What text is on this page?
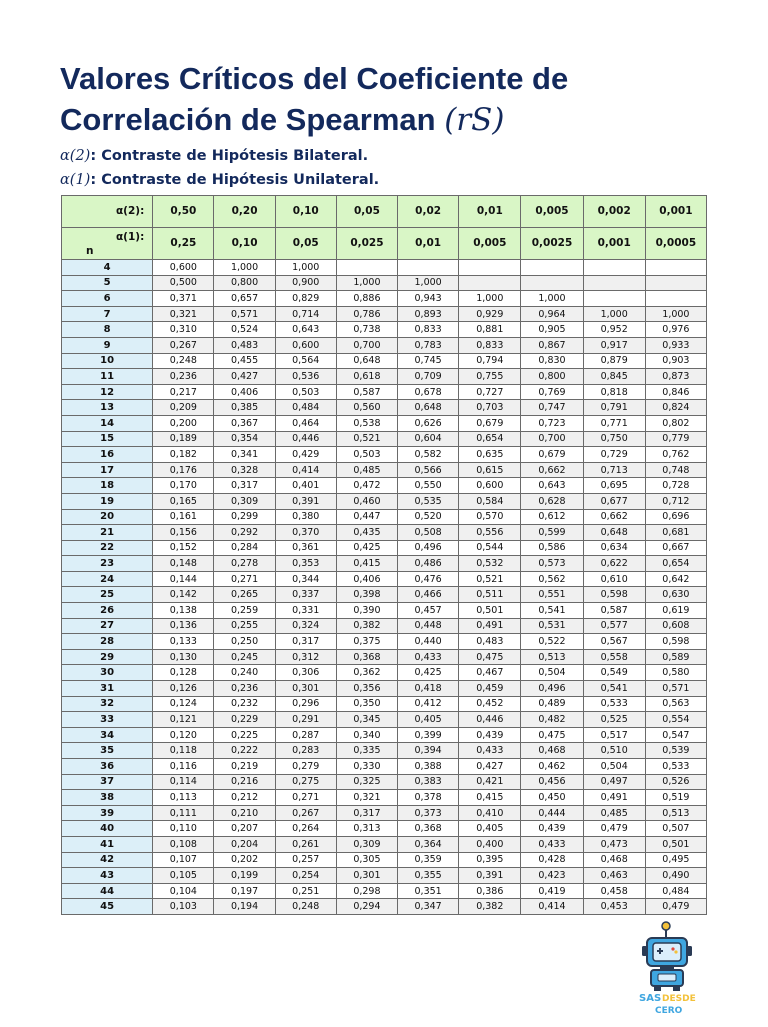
Valores Críticos del Coeficiente de
Correlación de Spearman (rS)
α(2): Contraste de Hipótesis Bilateral.
α(1): Contraste de Hipótesis Unilateral.
α(2):	0,50	0,20	0,10	0,05	0,02	0,01	0,005	0,002	0,001

α(1):
n	0,25	0,10	0,05	0,025	0,01	0,005	0,0025	0,001	0,0005
4	0,600	1,000	1,000						
5	0,500	0,800	0,900	1,000	1,000				
6	0,371	0,657	0,829	0,886	0,943	1,000	1,000		
7	0,321	0,571	0,714	0,786	0,893	0,929	0,964	1,000	1,000
8	0,310	0,524	0,643	0,738	0,833	0,881	0,905	0,952	0,976
9	0,267	0,483	0,600	0,700	0,783	0,833	0,867	0,917	0,933
10	0,248	0,455	0,564	0,648	0,745	0,794	0,830	0,879	0,903
11	0,236	0,427	0,536	0,618	0,709	0,755	0,800	0,845	0,873
12	0,217	0,406	0,503	0,587	0,678	0,727	0,769	0,818	0,846
13	0,209	0,385	0,484	0,560	0,648	0,703	0,747	0,791	0,824
14	0,200	0,367	0,464	0,538	0,626	0,679	0,723	0,771	0,802
15	0,189	0,354	0,446	0,521	0,604	0,654	0,700	0,750	0,779
16	0,182	0,341	0,429	0,503	0,582	0,635	0,679	0,729	0,762
17	0,176	0,328	0,414	0,485	0,566	0,615	0,662	0,713	0,748
18	0,170	0,317	0,401	0,472	0,550	0,600	0,643	0,695	0,728
19	0,165	0,309	0,391	0,460	0,535	0,584	0,628	0,677	0,712
20	0,161	0,299	0,380	0,447	0,520	0,570	0,612	0,662	0,696
21	0,156	0,292	0,370	0,435	0,508	0,556	0,599	0,648	0,681
22	0,152	0,284	0,361	0,425	0,496	0,544	0,586	0,634	0,667
23	0,148	0,278	0,353	0,415	0,486	0,532	0,573	0,622	0,654
24	0,144	0,271	0,344	0,406	0,476	0,521	0,562	0,610	0,642
25	0,142	0,265	0,337	0,398	0,466	0,511	0,551	0,598	0,630
26	0,138	0,259	0,331	0,390	0,457	0,501	0,541	0,587	0,619
27	0,136	0,255	0,324	0,382	0,448	0,491	0,531	0,577	0,608
28	0,133	0,250	0,317	0,375	0,440	0,483	0,522	0,567	0,598
29	0,130	0,245	0,312	0,368	0,433	0,475	0,513	0,558	0,589
30	0,128	0,240	0,306	0,362	0,425	0,467	0,504	0,549	0,580
31	0,126	0,236	0,301	0,356	0,418	0,459	0,496	0,541	0,571
32	0,124	0,232	0,296	0,350	0,412	0,452	0,489	0,533	0,563
33	0,121	0,229	0,291	0,345	0,405	0,446	0,482	0,525	0,554
34	0,120	0,225	0,287	0,340	0,399	0,439	0,475	0,517	0,547
35	0,118	0,222	0,283	0,335	0,394	0,433	0,468	0,510	0,539
36	0,116	0,219	0,279	0,330	0,388	0,427	0,462	0,504	0,533
37	0,114	0,216	0,275	0,325	0,383	0,421	0,456	0,497	0,526
38	0,113	0,212	0,271	0,321	0,378	0,415	0,450	0,491	0,519
39	0,111	0,210	0,267	0,317	0,373	0,410	0,444	0,485	0,513
40	0,110	0,207	0,264	0,313	0,368	0,405	0,439	0,479	0,507
41	0,108	0,204	0,261	0,309	0,364	0,400	0,433	0,473	0,501
42	0,107	0,202	0,257	0,305	0,359	0,395	0,428	0,468	0,495
43	0,105	0,199	0,254	0,301	0,355	0,391	0,423	0,463	0,490
44	0,104	0,197	0,251	0,298	0,351	0,386	0,419	0,458	0,484
45	0,103	0,194	0,248	0,294	0,347	0,382	0,414	0,453	0,479
SAS DESDE
CERO
